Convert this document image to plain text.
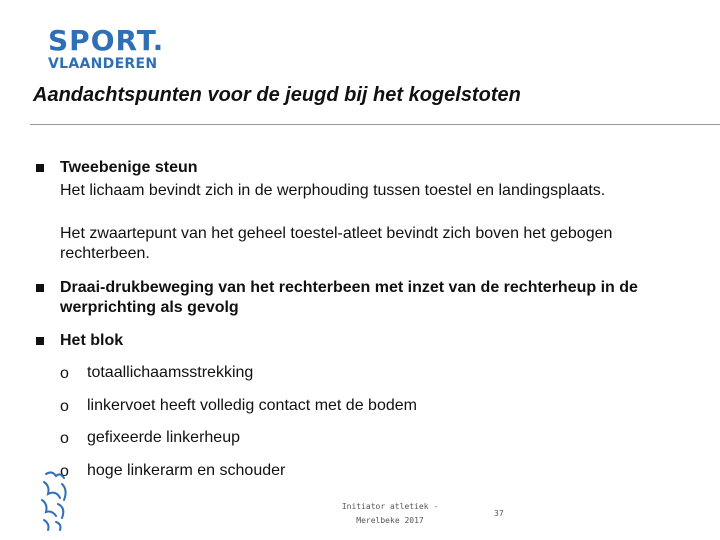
SPORT.
VLAANDEREN
Aandachtspunten voor de jeugd bij het kogelstoten
Tweebenige steun
Het lichaam bevindt zich in de werphouding tussen toestel en landingsplaats.
Het zwaartepunt van het geheel toestel-atleet bevindt zich boven het gebogen rechterbeen.
Draai-drukbeweging van het rechterbeen met inzet van de rechterheup in de werprichting als gevolg
Het blok
o totaallichaamsstrekking
o linkervoet heeft volledig contact met de bodem
o gefixeerde linkerheup
o hoge linkerarm en schouder
Initiator atletiek -
Merelbeke 2017
37
